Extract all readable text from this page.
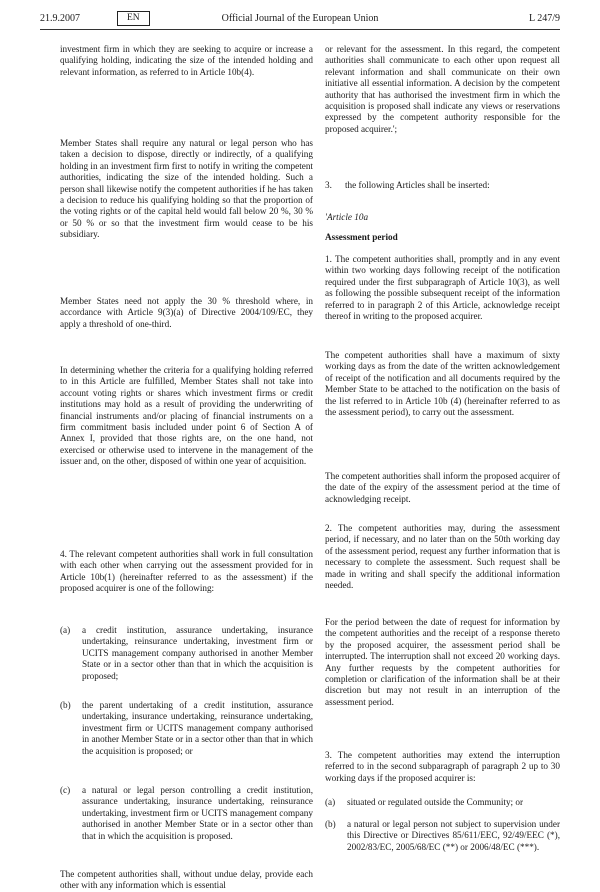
21.9.2007	EN	Official Journal of the European Union	L 247/9

investment firm in which they are seeking to acquire or increase a qualifying holding, indicating the size of the intended holding and relevant information, as referred to in Article 10b(4).

Member States shall require any natural or legal person who has taken a decision to dispose, directly or indirectly, of a qualifying holding in an investment firm first to notify in writing the competent authorities, indicating the size of the intended holding. Such a person shall likewise notify the competent authorities if he has taken a decision to reduce his qualifying holding so that the proportion of the voting rights or of the capital held would fall below 20 %, 30 % or 50 % or so that the investment firm would cease to be his subsidiary.

Member States need not apply the 30 % threshold where, in accordance with Article 9(3)(a) of Directive 2004/109/EC, they apply a threshold of one-third.

In determining whether the criteria for a qualifying holding referred to in this Article are fulfilled, Member States shall not take into account voting rights or shares which investment firms or credit institutions may hold as a result of providing the underwriting of financial instruments and/or placing of financial instruments on a firm commitment basis included under point 6 of Section A of Annex I, provided that those rights are, on the one hand, not exercised or otherwise used to intervene in the management of the issuer and, on the other, disposed of within one year of acquisition.

4. The relevant competent authorities shall work in full consultation with each other when carrying out the assessment provided for in Article 10b(1) (hereinafter referred to as the assessment) if the proposed acquirer is one of the following:

(a) a credit institution, assurance undertaking, insurance undertaking, reinsurance undertaking, investment firm or UCITS management company authorised in another Member State or in a sector other than that in which the acquisition is proposed;

(b) the parent undertaking of a credit institution, assurance undertaking, insurance undertaking, reinsurance undertaking, investment firm or UCITS management company authorised in another Member State or in a sector other than that in which the acquisition is proposed; or

(c) a natural or legal person controlling a credit institution, assurance undertaking, insurance undertaking, reinsurance undertaking, investment firm or UCITS management company authorised in another Member State or in a sector other than that in which the acquisition is proposed.

The competent authorities shall, without undue delay, provide each other with any information which is essential

or relevant for the assessment. In this regard, the competent authorities shall communicate to each other upon request all relevant information and shall communicate on their own initiative all essential information. A decision by the competent authority that has authorised the investment firm in which the acquisition is proposed shall indicate any views or reservations expressed by the competent authority responsible for the proposed acquirer.';

3. the following Articles shall be inserted:

'Article 10a

Assessment period

1. The competent authorities shall, promptly and in any event within two working days following receipt of the notification required under the first subparagraph of Article 10(3), as well as following the possible subsequent receipt of the information referred to in paragraph 2 of this Article, acknowledge receipt thereof in writing to the proposed acquirer.

The competent authorities shall have a maximum of sixty working days as from the date of the written acknowledgement of receipt of the notification and all documents required by the Member State to be attached to the notification on the basis of the list referred to in Article 10b (4) (hereinafter referred to as the assessment period), to carry out the assessment.

The competent authorities shall inform the proposed acquirer of the date of the expiry of the assessment period at the time of acknowledging receipt.

2. The competent authorities may, during the assessment period, if necessary, and no later than on the 50th working day of the assessment period, request any further information that is necessary to complete the assessment. Such request shall be made in writing and shall specify the additional information needed.

For the period between the date of request for information by the competent authorities and the receipt of a response thereto by the proposed acquirer, the assessment period shall be interrupted. The interruption shall not exceed 20 working days. Any further requests by the competent authorities for completion or clarification of the information shall be at their discretion but may not result in an interruption of the assessment period.

3. The competent authorities may extend the interruption referred to in the second subparagraph of paragraph 2 up to 30 working days if the proposed acquirer is:

(a) situated or regulated outside the Community; or

(b) a natural or legal person not subject to supervision under this Directive or Directives 85/611/EEC, 92/49/EEC (*), 2002/83/EC, 2005/68/EC (**) or 2006/48/EC (***).
